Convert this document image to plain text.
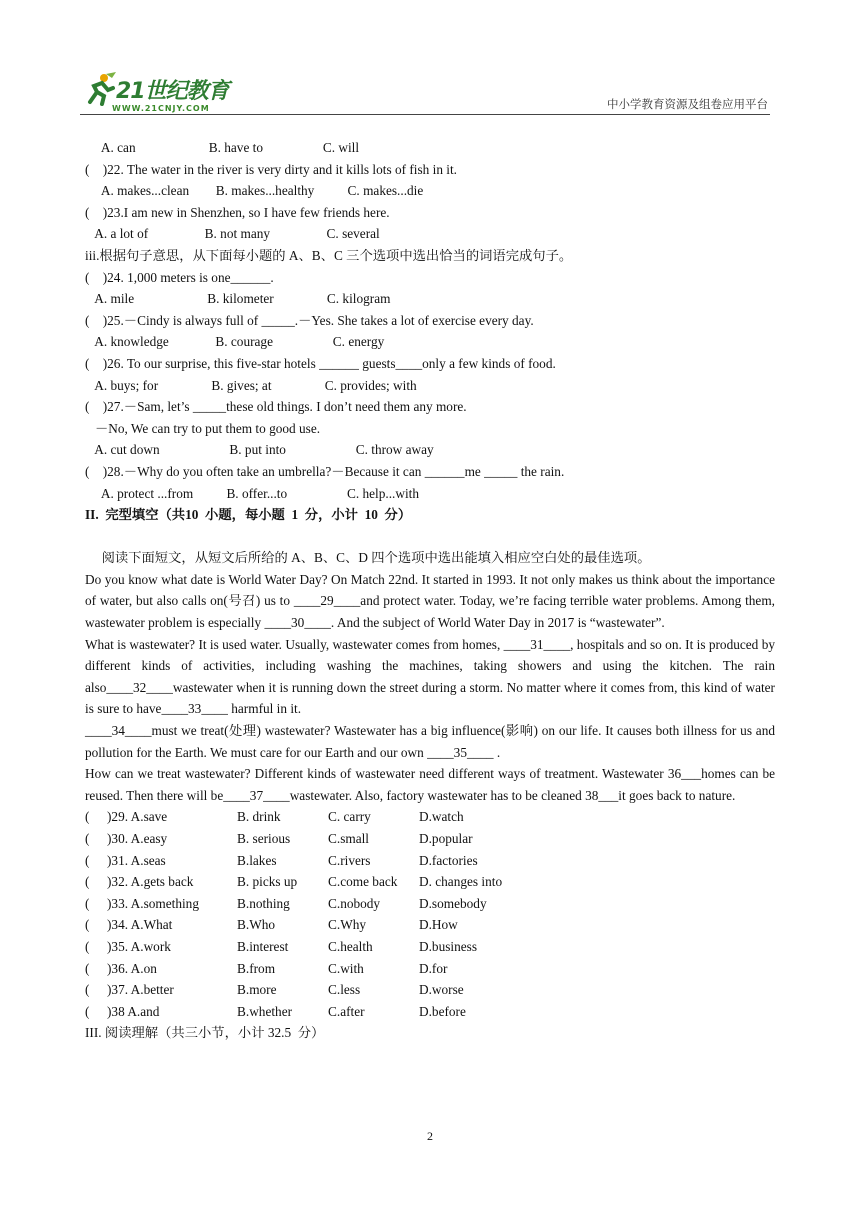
21世纪教育
WWW.21CNJY.COM	中小学教育资源及组卷应用平台
A. can                      B. have to                  C. will
(    )22. The water in the river is very dirty and it kills lots of fish in it.
A. makes...clean        B. makes...healthy          C. makes...die
(    )23.I am new in Shenzhen, so I have few friends here.
A. a lot of                 B. not many                 C. several
iii.根据句子意思，从下面每小题的 A、B、C 三个选项中选出恰当的词语完成句子。
(    )24. 1,000 meters is one______.
A. mile                      B. kilometer                C. kilogram
(    )25.－Cindy is always full of _____.－Yes. She takes a lot of exercise every day.
A. knowledge              B. courage                  C. energy
(    )26. To our surprise, this five-star hotels ______ guests____only a few kinds of food.
A. buys; for                B. gives; at                C. provides; with
(    )27.－Sam, let’s _____these old things. I don’t need them any more.
－No, We can try to put them to good use.
A. cut down                     B. put into                     C. throw away
(    )28.－Why do you often take an umbrella?－Because it can ______me _____ the rain.
A. protect ...from          B. offer...to                  C. help...with
II.  完型填空（共10  小题，每小题  1  分，小计  10  分）
阅读下面短文，从短文后所给的 A、B、C、D 四个选项中选出能填入相应空白处的最佳选项。
Do you know what date is World Water Day? On Match 22nd. It started in 1993. It not only makes us think about the importance of water, but also calls on(号召) us to ____29____and protect water. Today, we’re facing terrible water problems. Among them, wastewater problem is especially ____30____. And the subject of World Water Day in 2017 is “wastewater”.
What is wastewater? It is used water. Usually, wastewater comes from homes, ____31____, hospitals and so on. It is produced by different kinds of activities, including washing the machines, taking showers and using the kitchen. The rain also____32____wastewater when it is running down the street during a storm. No matter where it comes from, this kind of water is sure to have____33____ harmful in it.
____34____must we treat(处理) wastewater? Wastewater has a big influence(影响) on our life. It causes both illness for us and pollution for the Earth. We must care for our Earth and our own ____35____ .
How can we treat wastewater? Different kinds of wastewater need different ways of treatment. Wastewater 36___homes can be reused. Then there will be____37____wastewater. Also, factory wastewater has to be cleaned 38___it goes back to nature.
(	)29. A.save	B. drink	C. carry	D.watch
(	)30. A.easy	B. serious	C.small	D.popular
(	)31. A.seas	B.lakes	C.rivers	D.factories
(	)32. A.gets back	B. picks up	C.come back	D. changes into
(	)33. A.something	B.nothing	C.nobody	D.somebody
(	)34. A.What	B.Who	C.Why	D.How
(	)35. A.work	B.interest	C.health	D.business
(	)36. A.on	B.from	C.with	D.for
(	)37. A.better	B.more	C.less	D.worse
(	)38 A.and	B.whether	C.after	D.before
III. 阅读理解（共三小节，小计 32.5  分）
2
